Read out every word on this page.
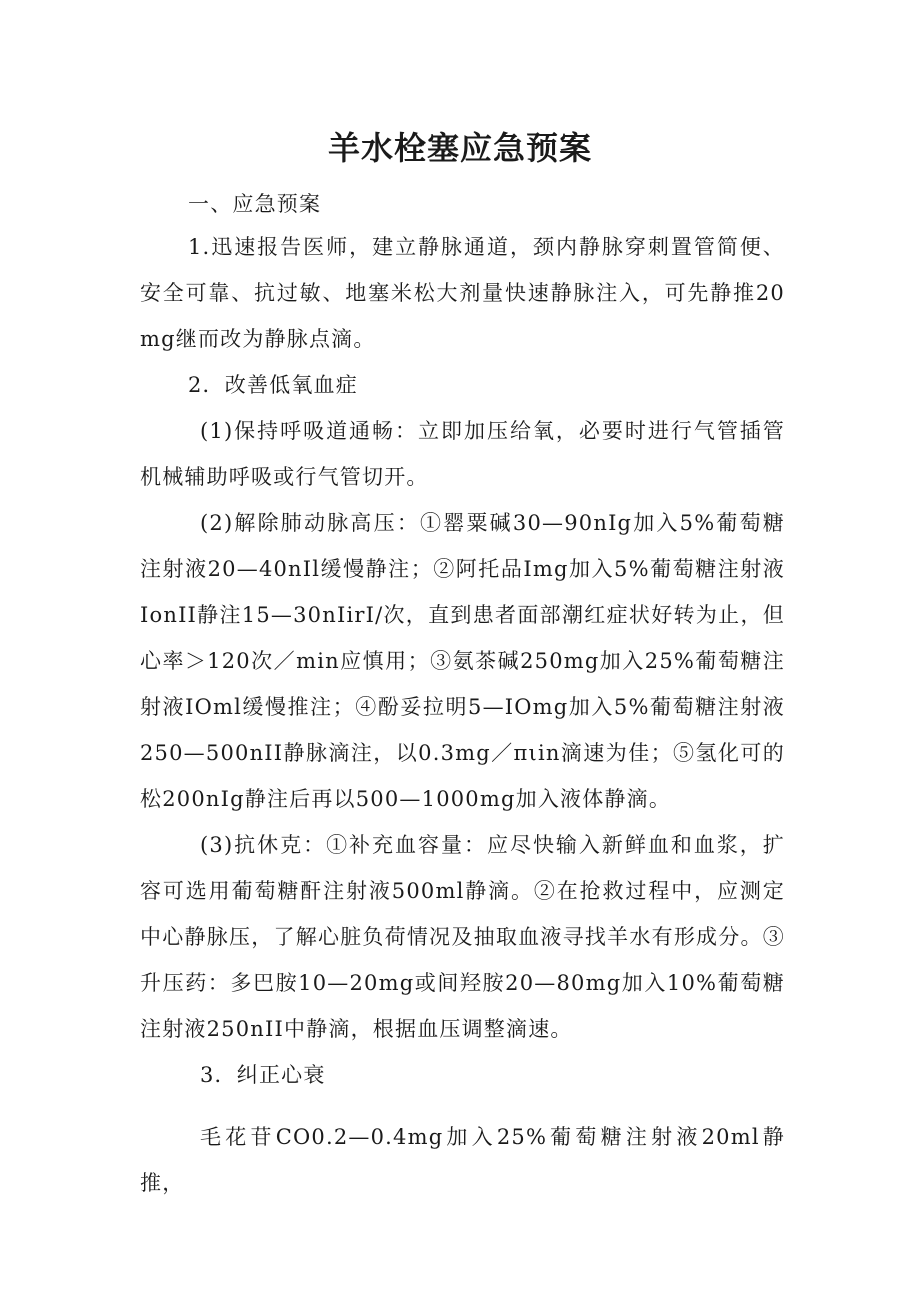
羊水栓塞应急预案

一、应急预案

1.迅速报告医师，建立静脉通道，颈内静脉穿刺置管简便、安全可靠、抗过敏、地塞米松大剂量快速静脉注入，可先静推20mg继而改为静脉点滴。

2．改善低氧血症

(1)保持呼吸道通畅：立即加压给氧，必要时进行气管插管机械辅助呼吸或行气管切开。

(2)解除肺动脉高压：①罂粟碱30—90nIg加入5%葡萄糖注射液20—40nIl缓慢静注；②阿托品Img加入5%葡萄糖注射液IonII静注15—30nIirI/次，直到患者面部潮红症状好转为止，但心率＞120次／min应慎用；③氨茶碱250mg加入25%葡萄糖注射液IOml缓慢推注；④酚妥拉明5—IOmg加入5%葡萄糖注射液250—500nII静脉滴注，以0.3mg／πιin滴速为佳；⑤氢化可的松200nIg静注后再以500—1000mg加入液体静滴。

(3)抗休克：①补充血容量：应尽快输入新鲜血和血浆，扩容可选用葡萄糖酐注射液500ml静滴。②在抢救过程中，应测定中心静脉压，了解心脏负荷情况及抽取血液寻找羊水有形成分。③升压药：多巴胺10—20mg或间羟胺20—80mg加入10%葡萄糖注射液250nII中静滴，根据血压调整滴速。

3．纠正心衰

毛花苷CO0.2—0.4mg加入25%葡萄糖注射液20ml静推，
